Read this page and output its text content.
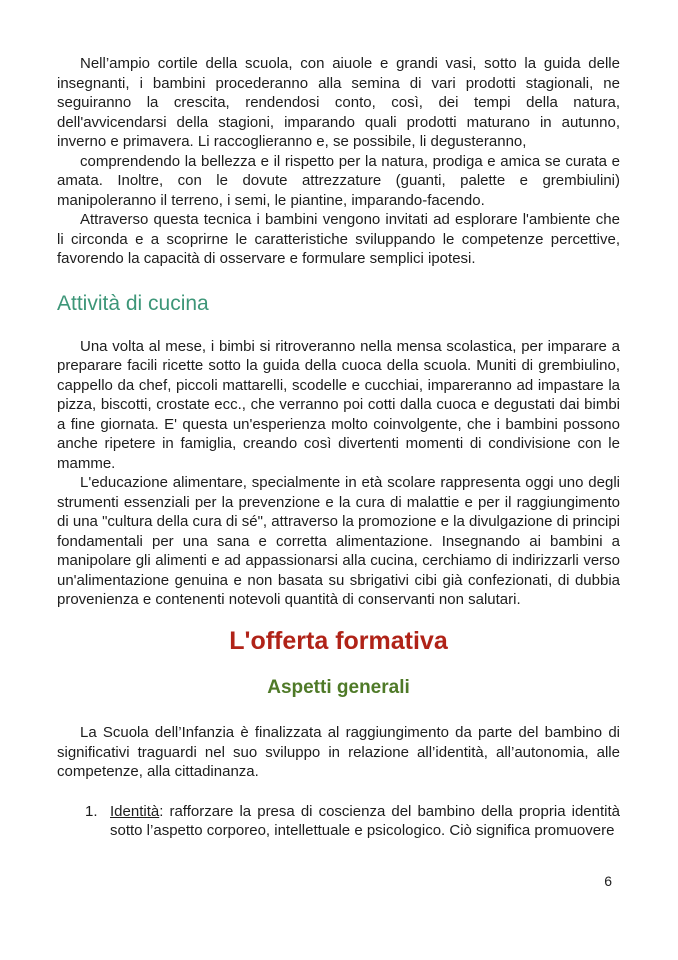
Nell’ampio cortile della scuola, con aiuole e grandi vasi, sotto la guida delle insegnanti, i bambini procederanno alla semina di vari prodotti stagionali, ne seguiranno la crescita, rendendosi conto, così, dei tempi della natura, dell'avvicendarsi della stagioni, imparando quali prodotti maturano in autunno, inverno e primavera. Li raccoglieranno e, se possibile, li degusteranno,

comprendendo la bellezza e il rispetto per la natura, prodiga e amica se curata e amata. Inoltre, con le dovute attrezzature (guanti, palette e grembiulini) manipoleranno il terreno, i semi, le piantine, imparando-facendo.

Attraverso questa tecnica i bambini vengono invitati ad esplorare l'ambiente che li circonda e a scoprirne le caratteristiche sviluppando le competenze percettive, favorendo la capacità di osservare e formulare semplici ipotesi.

Attività di cucina

Una volta al mese, i bimbi si ritroveranno nella mensa scolastica, per imparare a preparare facili ricette sotto la guida della cuoca della scuola. Muniti di grembiulino, cappello da chef, piccoli mattarelli, scodelle e cucchiai, impareranno ad impastare la pizza, biscotti, crostate ecc., che verranno poi cotti dalla cuoca e degustati dai bimbi a fine giornata. E' questa un'esperienza molto coinvolgente, che i bambini possono anche ripetere in famiglia, creando così divertenti momenti di condivisione con le mamme.

L'educazione alimentare, specialmente in età scolare rappresenta oggi uno degli strumenti essenziali per la prevenzione e la cura di malattie e per il raggiungimento di una "cultura della cura di sé", attraverso la promozione e la divulgazione di principi fondamentali per una sana e corretta alimentazione. Insegnando ai bambini a manipolare gli alimenti e ad appassionarsi alla cucina, cerchiamo di indirizzarli verso un'alimentazione genuina e non basata su sbrigativi cibi già confezionati, di dubbia provenienza e contenenti notevoli quantità di conservanti non salutari.

L'offerta formativa
Aspetti generali

La Scuola dell’Infanzia è finalizzata al raggiungimento da parte del bambino di significativi traguardi nel suo sviluppo in relazione all’identità, all’autonomia, alle competenze, alla cittadinanza.

1. Identità: rafforzare la presa di coscienza del bambino della propria identità sotto l’aspetto corporeo, intellettuale e psicologico. Ciò significa promuovere
6
